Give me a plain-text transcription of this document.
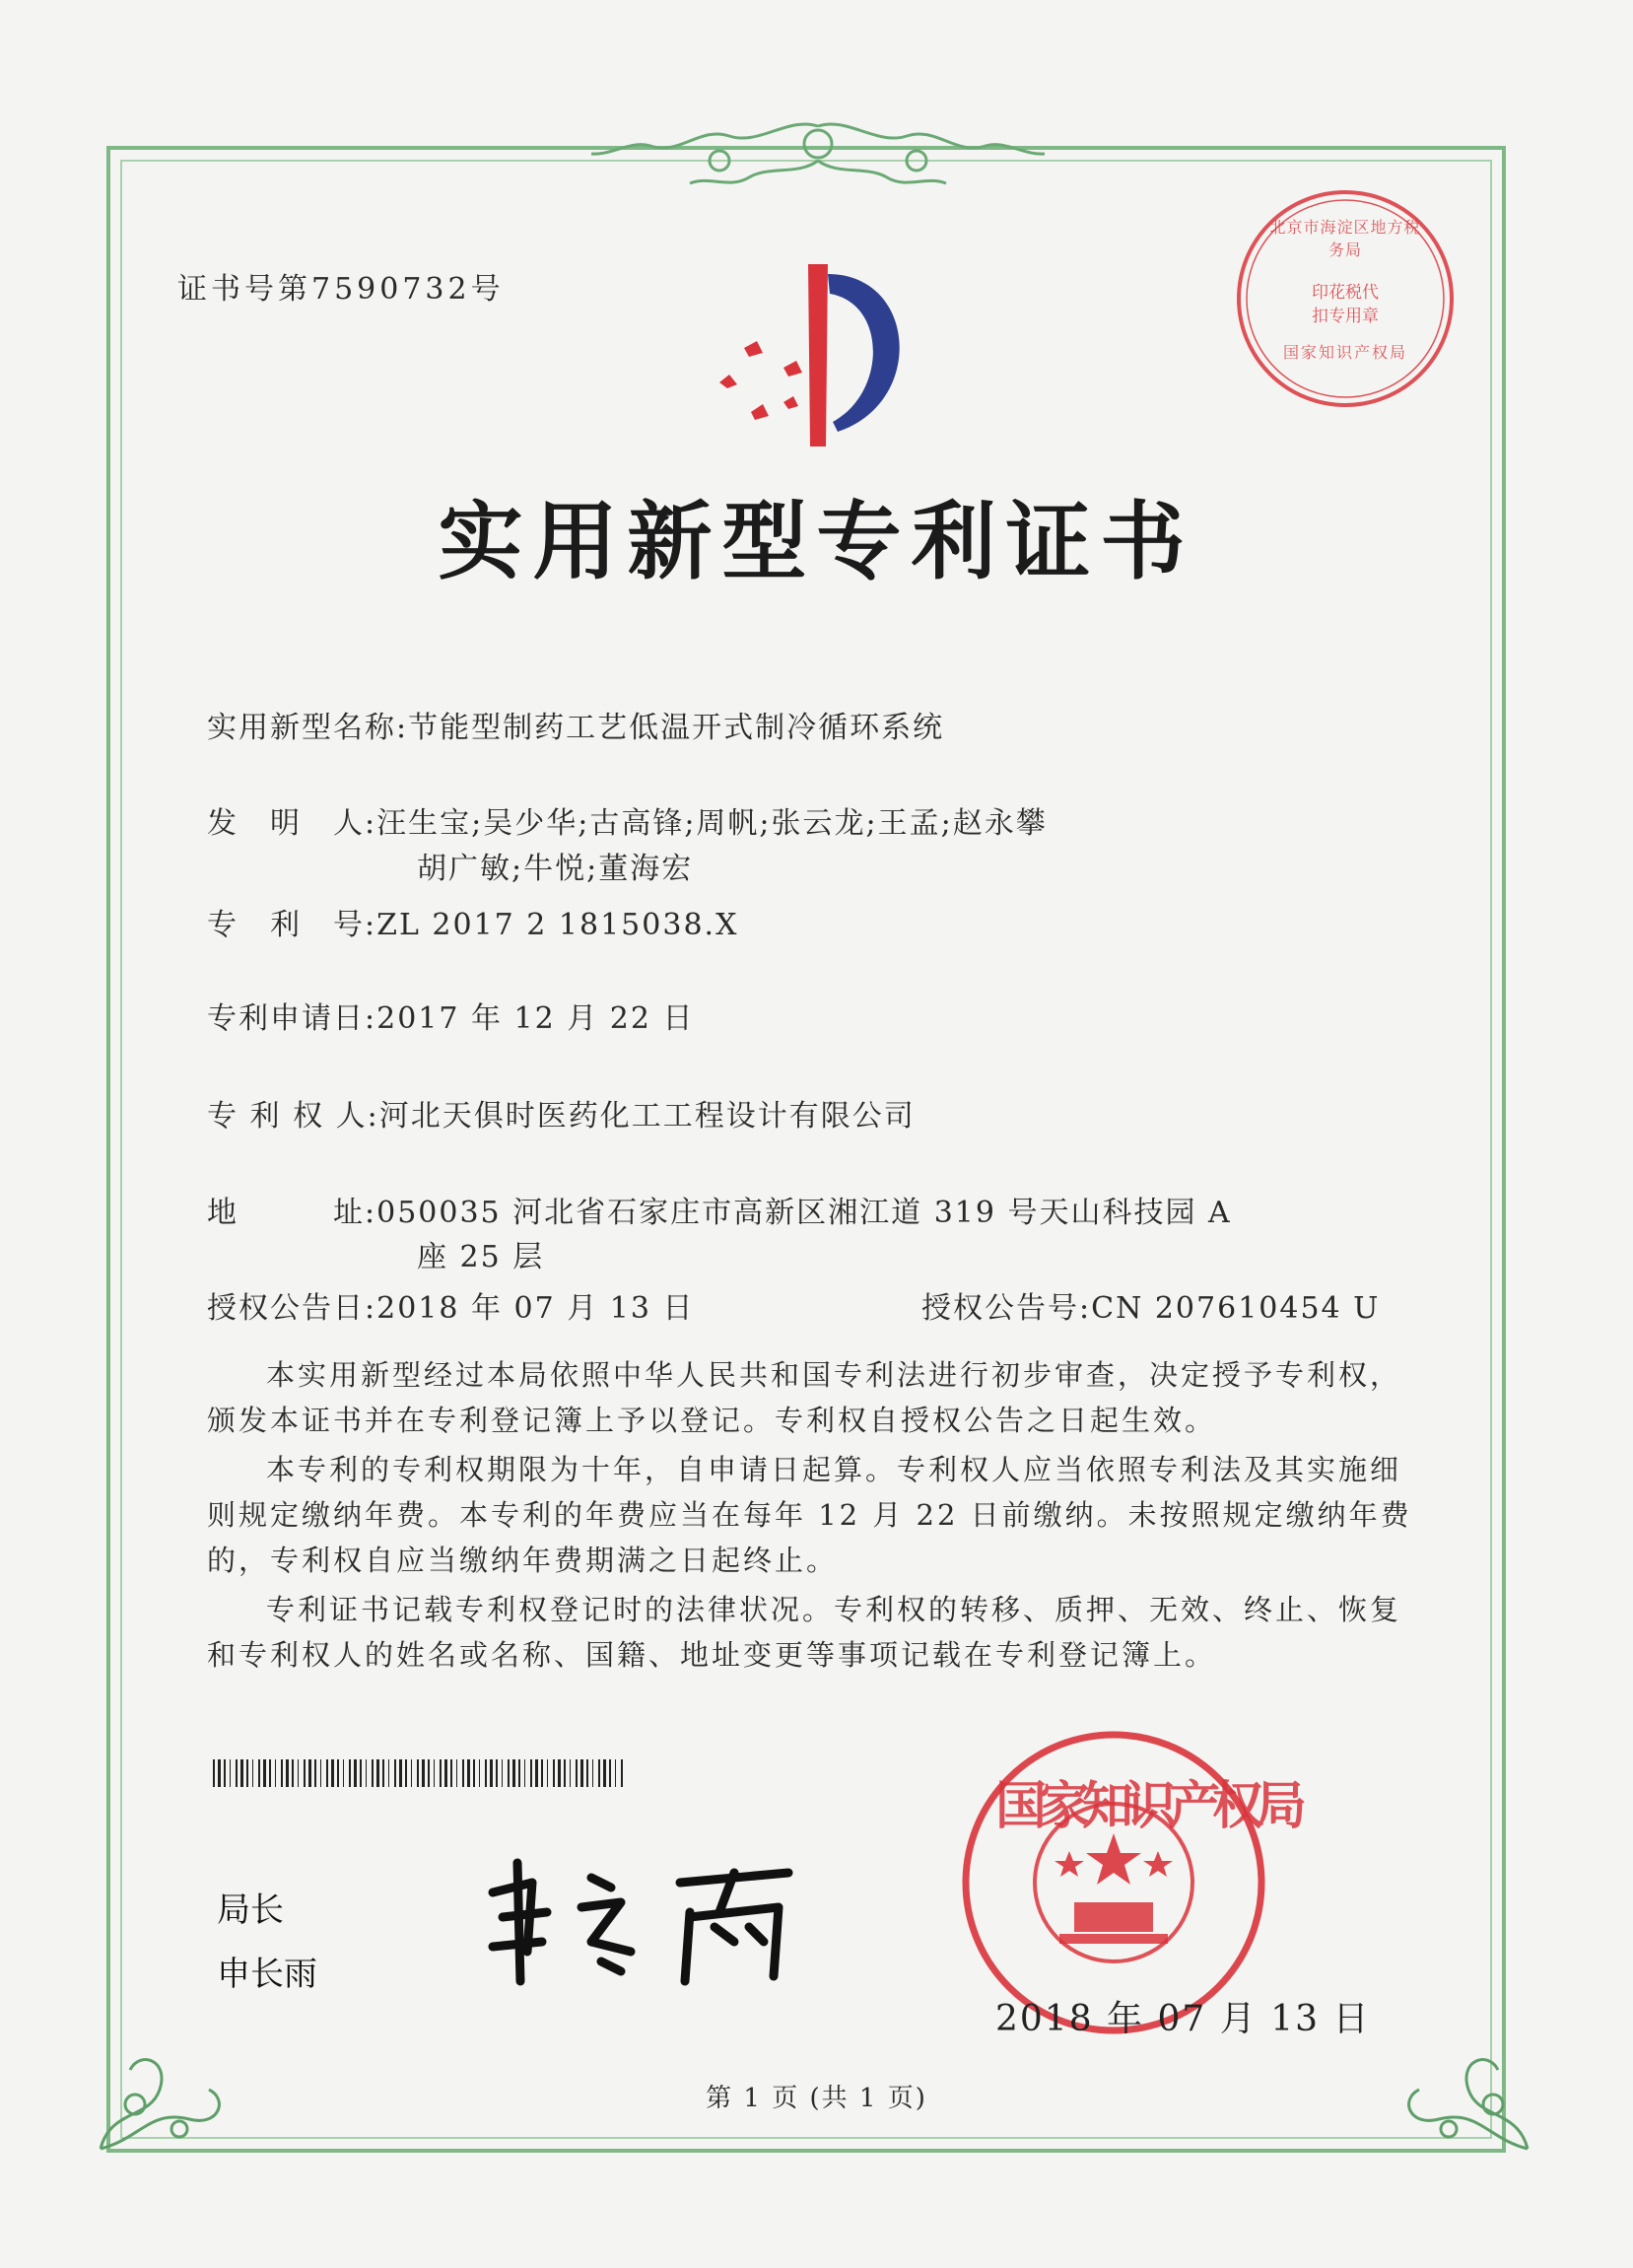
证书号第7590732号
北京市海淀区地方税务局
印花税代扣专用章
国家知识产权局
实用新型专利证书
实用新型名称:节能型制药工艺低温开式制冷循环系统
发　明　人:汪生宝;吴少华;古高锋;周帆;张云龙;王孟;赵永攀
胡广敏;牛悦;董海宏
专　利　号:ZL 2017 2 1815038.X
专利申请日:2017 年 12 月 22 日
专 利 权 人:河北天俱时医药化工工程设计有限公司
地　　　址:050035 河北省石家庄市高新区湘江道 319 号天山科技园 A
座 25 层
授权公告日:2018 年 07 月 13 日	授权公告号:CN 207610454 U
本实用新型经过本局依照中华人民共和国专利法进行初步审查，决定授予专利权，颁发本证书并在专利登记簿上予以登记。专利权自授权公告之日起生效。
本专利的专利权期限为十年，自申请日起算。专利权人应当依照专利法及其实施细则规定缴纳年费。本专利的年费应当在每年 12 月 22 日前缴纳。未按照规定缴纳年费的，专利权自应当缴纳年费期满之日起终止。
专利证书记载专利权登记时的法律状况。专利权的转移、质押、无效、终止、恢复和专利权人的姓名或名称、国籍、地址变更等事项记载在专利登记簿上。
局长
申长雨
国家知识产权局
2018 年 07 月 13 日
第 1 页 (共 1 页)
